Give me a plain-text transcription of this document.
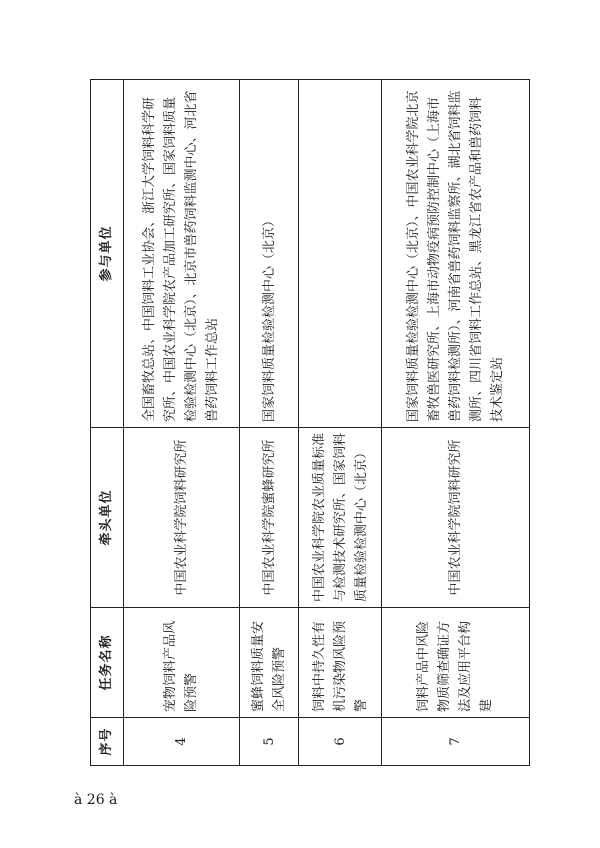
序号	任务名称	牵头单位	参与单位
4	宠物饲料产品风险预警	中国农业科学院饲料研究所	全国畜牧总站、中国饲料工业协会、浙江大学饲料科学研究所、中国农业科学院农产品加工研究所、国家饲料质量检验检测中心（北京）、北京市兽药饲料监测中心、河北省兽药饲料工作总站
5	蜜蜂饲料质量安全风险预警	中国农业科学院蜜蜂研究所	国家饲料质量检验检测中心（北京）
6	饲料中持久性有机污染物风险预警	中国农业科学院农业质量标准与检测技术研究所、国家饲料质量检验检测中心（北京）	
7	饲料产品中风险物质筛查确证方法及应用平台构建	中国农业科学院饲料研究所	国家饲料质量检验检测中心（北京）、中国农业科学院北京畜牧兽医研究所、上海市动物疫病预防控制中心（上海市兽药饲料检测所）、河南省兽药饲料监察所、湖北省饲料监测所、四川省饲料工作总站、黑龙江省农产品和兽药饲料技术鉴定站
à 26 à
